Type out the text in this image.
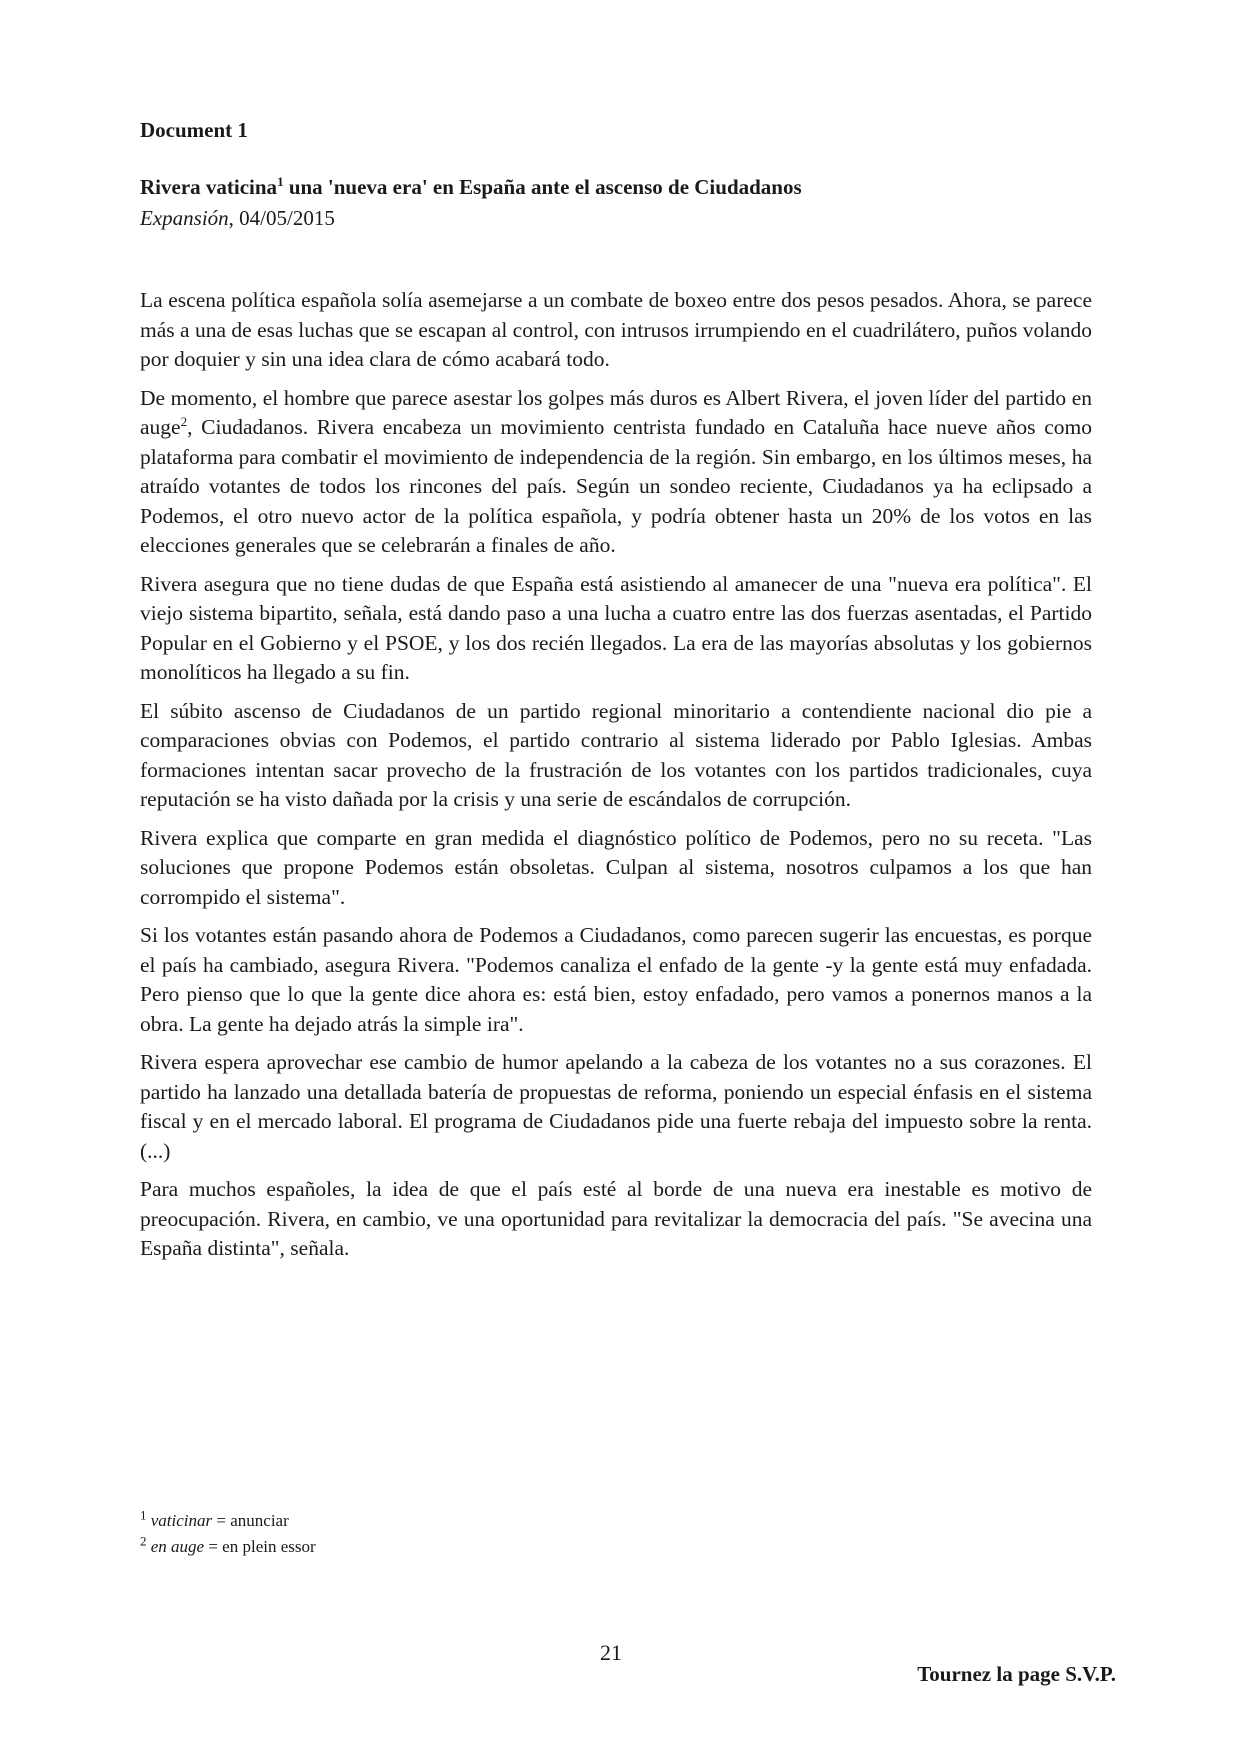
Document 1
Rivera vaticina$^1$ una 'nueva era' en España ante el ascenso de Ciudadanos
Expansión, 04/05/2015

La escena política española solía asemejarse a un combate de boxeo entre dos pesos pesados. Ahora, se parece más a una de esas luchas que se escapan al control, con intrusos irrumpiendo en el cuadrilátero, puños volando por doquier y sin una idea clara de cómo acabará todo.

De momento, el hombre que parece asestar los golpes más duros es Albert Rivera, el joven líder del partido en auge$^2$, Ciudadanos. Rivera encabeza un movimiento centrista fundado en Cataluña hace nueve años como plataforma para combatir el movimiento de independencia de la región. Sin embargo, en los últimos meses, ha atraído votantes de todos los rincones del país. Según un sondeo reciente, Ciudadanos ya ha eclipsado a Podemos, el otro nuevo actor de la política española, y podría obtener hasta un 20% de los votos en las elecciones generales que se celebrarán a finales de año.

Rivera asegura que no tiene dudas de que España está asistiendo al amanecer de una "nueva era política". El viejo sistema bipartito, señala, está dando paso a una lucha a cuatro entre las dos fuerzas asentadas, el Partido Popular en el Gobierno y el PSOE, y los dos recién llegados. La era de las mayorías absolutas y los gobiernos monolíticos ha llegado a su fin.

El súbito ascenso de Ciudadanos de un partido regional minoritario a contendiente nacional dio pie a comparaciones obvias con Podemos, el partido contrario al sistema liderado por Pablo Iglesias. Ambas formaciones intentan sacar provecho de la frustración de los votantes con los partidos tradicionales, cuya reputación se ha visto dañada por la crisis y una serie de escándalos de corrupción.

Rivera explica que comparte en gran medida el diagnóstico político de Podemos, pero no su receta. "Las soluciones que propone Podemos están obsoletas. Culpan al sistema, nosotros culpamos a los que han corrompido el sistema".

Si los votantes están pasando ahora de Podemos a Ciudadanos, como parecen sugerir las encuestas, es porque el país ha cambiado, asegura Rivera. "Podemos canaliza el enfado de la gente -y la gente está muy enfadada. Pero pienso que lo que la gente dice ahora es: está bien, estoy enfadado, pero vamos a ponernos manos a la obra. La gente ha dejado atrás la simple ira".

Rivera espera aprovechar ese cambio de humor apelando a la cabeza de los votantes no a sus corazones. El partido ha lanzado una detallada batería de propuestas de reforma, poniendo un especial énfasis en el sistema fiscal y en el mercado laboral. El programa de Ciudadanos pide una fuerte rebaja del impuesto sobre la renta. (...)

Para muchos españoles, la idea de que el país esté al borde de una nueva era inestable es motivo de preocupación. Rivera, en cambio, ve una oportunidad para revitalizar la democracia del país. "Se avecina una España distinta", señala.

$^1$ vaticinar = anunciar
$^2$ en auge = en plein essor
21
Tournez la page S.V.P.
